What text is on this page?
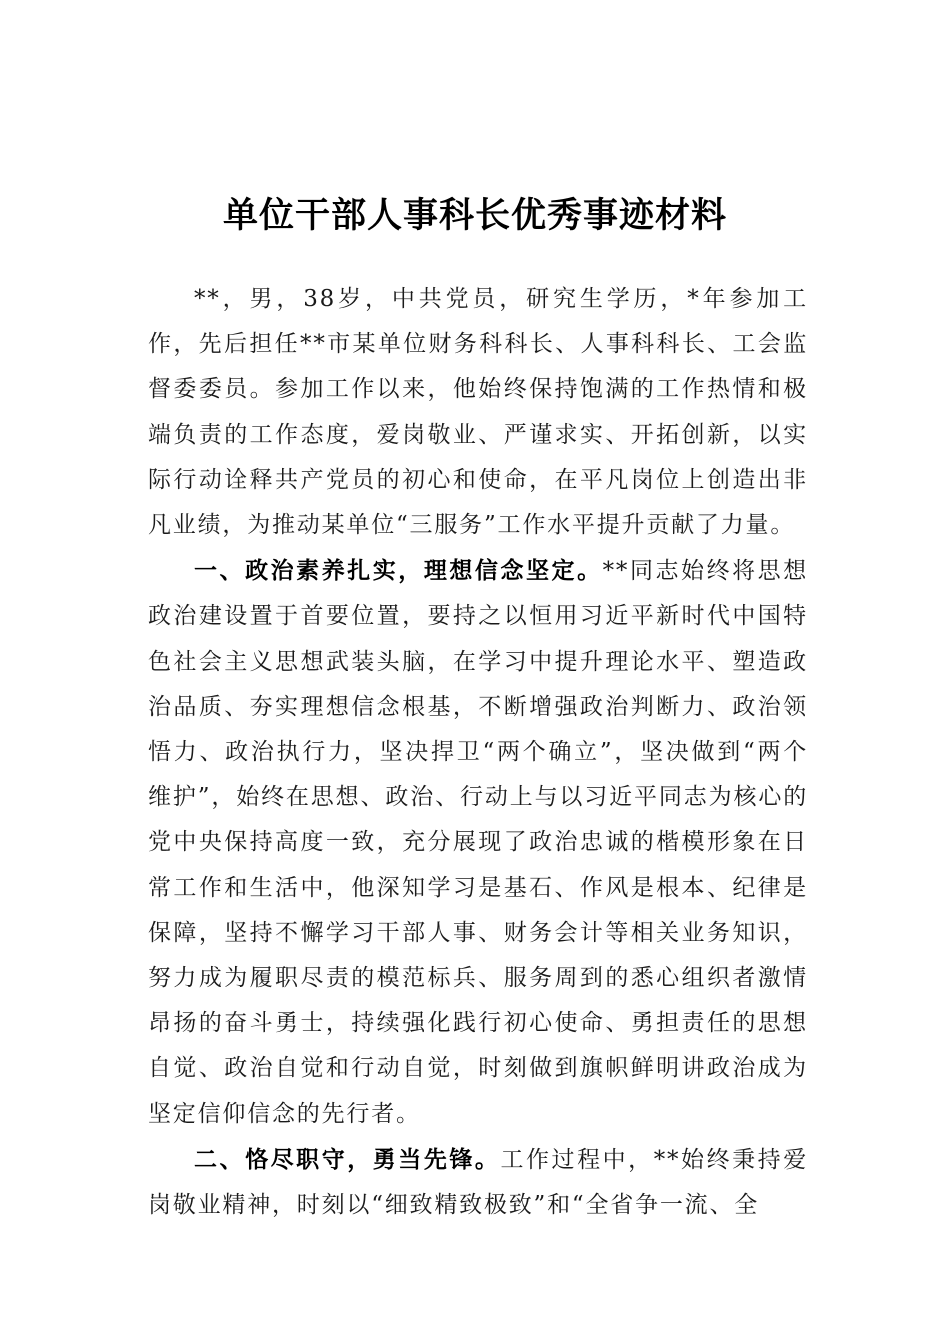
单位干部人事科长优秀事迹材料

**，男，38岁，中共党员，研究生学历，*年参加工作，先后担任**市某单位财务科科长、人事科科长、工会监督委委员。参加工作以来，他始终保持饱满的工作热情和极端负责的工作态度，爱岗敬业、严谨求实、开拓创新，以实际行动诠释共产党员的初心和使命，在平凡岗位上创造出非凡业绩，为推动某单位“三服务”工作水平提升贡献了力量。

一、政治素养扎实，理想信念坚定。**同志始终将思想政治建设置于首要位置，要持之以恒用习近平新时代中国特色社会主义思想武装头脑，在学习中提升理论水平、塑造政治品质、夯实理想信念根基，不断增强政治判断力、政治领悟力、政治执行力，坚决捍卫“两个确立”，坚决做到“两个维护”，始终在思想、政治、行动上与以习近平同志为核心的党中央保持高度一致，充分展现了政治忠诚的楷模形象在日常工作和生活中，他深知学习是基石、作风是根本、纪律是保障，坚持不懈学习干部人事、财务会计等相关业务知识，努力成为履职尽责的模范标兵、服务周到的悉心组织者激情昂扬的奋斗勇士，持续强化践行初心使命、勇担责任的思想自觉、政治自觉和行动自觉，时刻做到旗帜鲜明讲政治成为坚定信仰信念的先行者。

二、恪尽职守，勇当先锋。工作过程中，**始终秉持爱岗敬业精神，时刻以“细致精致极致”和“全省争一流、全
